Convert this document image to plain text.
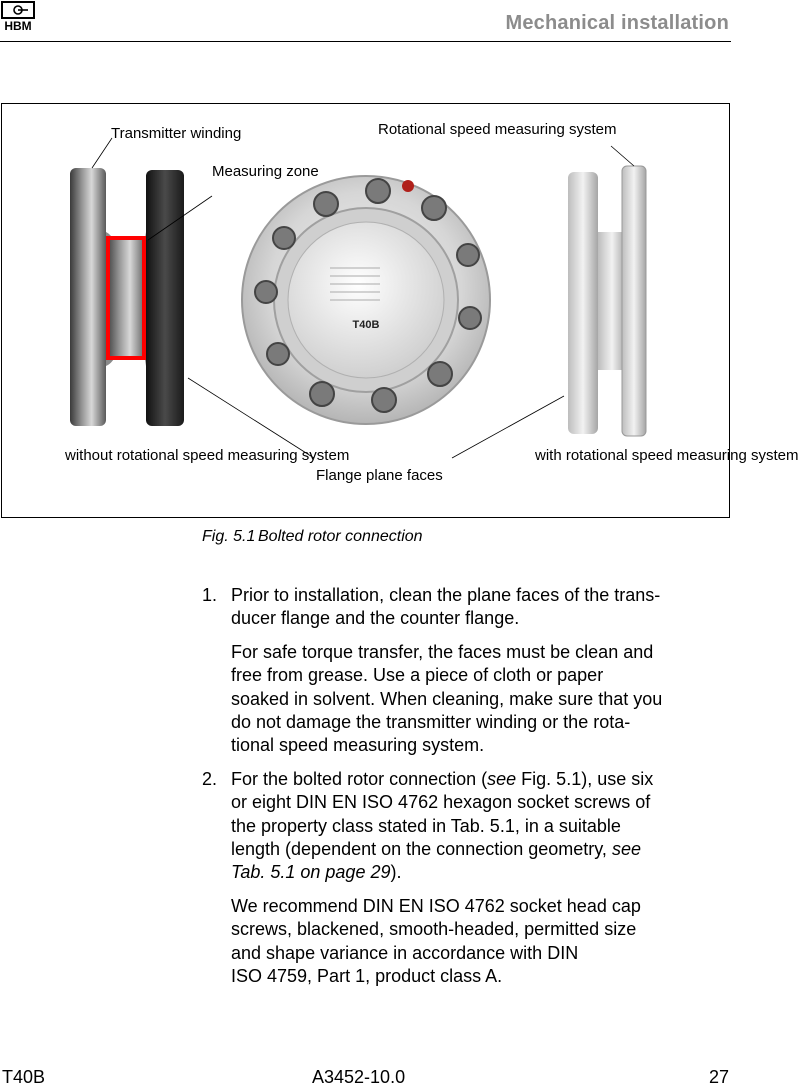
HBM	Mechanical installation
T40B
Transmitter winding	Rotational speed measuring system
Measuring zone
without rotational speed measuring system
Flange plane faces
with rotational speed measuring system
Fig. 5.1 Bolted rotor connection
1. Prior to installation, clean the plane faces of the trans-
ducer flange and the counter flange.

For safe torque transfer, the faces must be clean and
free from grease. Use a piece of cloth or paper
soaked in solvent. When cleaning, make sure that you
do not damage the transmitter winding or the rota-
tional speed measuring system.

2. For the bolted rotor connection (see Fig. 5.1), use six
or eight DIN EN ISO 4762 hexagon socket screws of
the property class stated in Tab. 5.1, in a suitable
length (dependent on the connection geometry, see
Tab. 5.1 on page 29).

We recommend DIN EN ISO 4762 socket head cap
screws, blackened, smooth-headed, permitted size
and shape variance in accordance with DIN
ISO 4759, Part 1, product class A.

T40B	A3452-10.0	27
